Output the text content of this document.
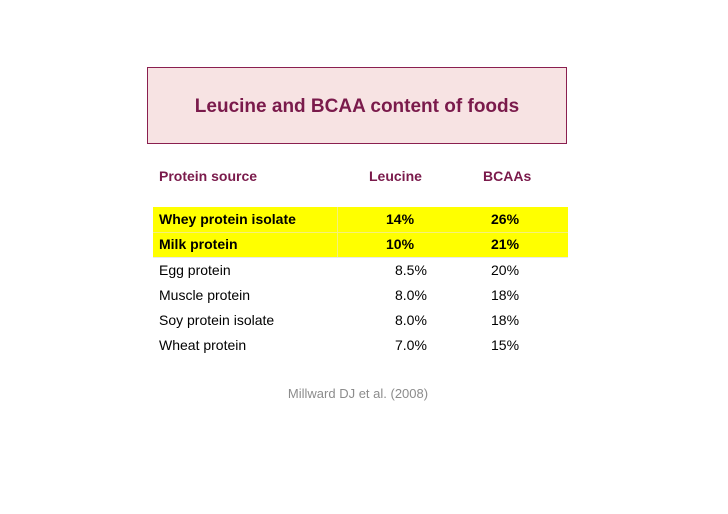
Leucine and BCAA content of foods
Protein source	Leucine	BCAAs
Whey protein isolate	14%	26%
Milk protein	10%	21%
Egg protein	8.5%	20%
Muscle protein	8.0%	18%
Soy protein isolate	8.0%	18%
Wheat protein	7.0%	15%
Millward DJ et al. (2008)
